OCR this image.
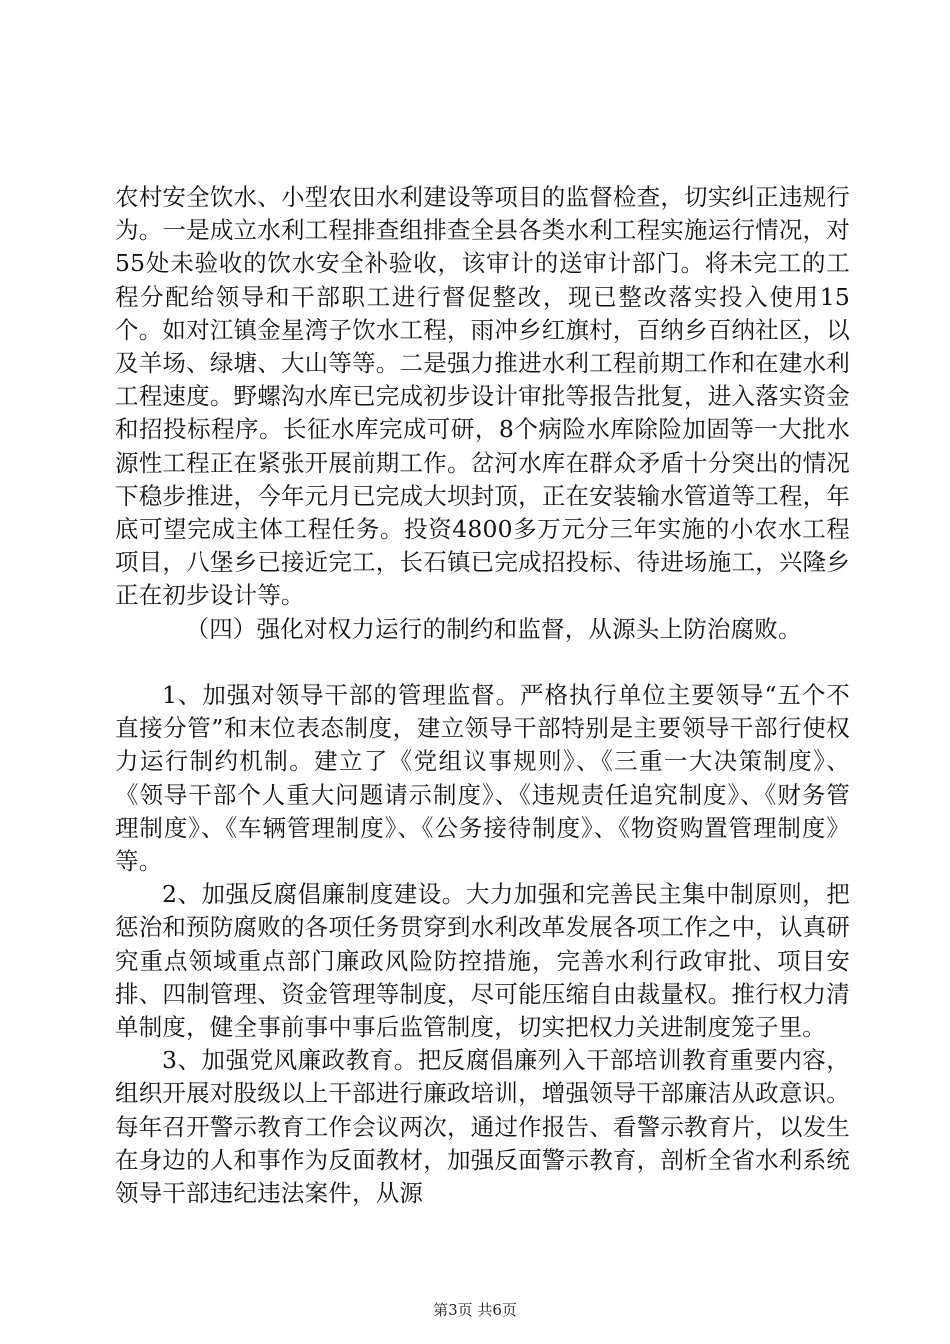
农村安全饮水、小型农田水利建设等项目的监督检查，切实纠正违规行为。一是成立水利工程排查组排查全县各类水利工程实施运行情况，对55处未验收的饮水安全补验收，该审计的送审计部门。将未完工的工程分配给领导和干部职工进行督促整改，现已整改落实投入使用15个。如对江镇金星湾子饮水工程，雨冲乡红旗村，百纳乡百纳社区，以及羊场、绿塘、大山等等。二是强力推进水利工程前期工作和在建水利工程速度。野螺沟水库已完成初步设计审批等报告批复，进入落实资金和招投标程序。长征水库完成可研，8个病险水库除险加固等一大批水源性工程正在紧张开展前期工作。岔河水库在群众矛盾十分突出的情况下稳步推进，今年元月已完成大坝封顶，正在安装输水管道等工程，年底可望完成主体工程任务。投资4800多万元分三年实施的小农水工程项目，八堡乡已接近完工，长石镇已完成招投标、待进场施工，兴隆乡正在初步设计等。

（四）强化对权力运行的制约和监督，从源头上防治腐败。

1、加强对领导干部的管理监督。严格执行单位主要领导“五个不直接分管”和末位表态制度，建立领导干部特别是主要领导干部行使权力运行制约机制。建立了《党组议事规则》、《三重一大决策制度》、《领导干部个人重大问题请示制度》、《违规责任追究制度》、《财务管理制度》、《车辆管理制度》、《公务接待制度》、《物资购置管理制度》等。

2、加强反腐倡廉制度建设。大力加强和完善民主集中制原则，把惩治和预防腐败的各项任务贯穿到水利改革发展各项工作之中，认真研究重点领域重点部门廉政风险防控措施，完善水利行政审批、项目安排、四制管理、资金管理等制度，尽可能压缩自由裁量权。推行权力清单制度，健全事前事中事后监管制度，切实把权力关进制度笼子里。

3、加强党风廉政教育。把反腐倡廉列入干部培训教育重要内容，组织开展对股级以上干部进行廉政培训，增强领导干部廉洁从政意识。每年召开警示教育工作会议两次，通过作报告、看警示教育片，以发生在身边的人和事作为反面教材，加强反面警示教育，剖析全省水利系统领导干部违纪违法案件，从源

第3页 共6页
